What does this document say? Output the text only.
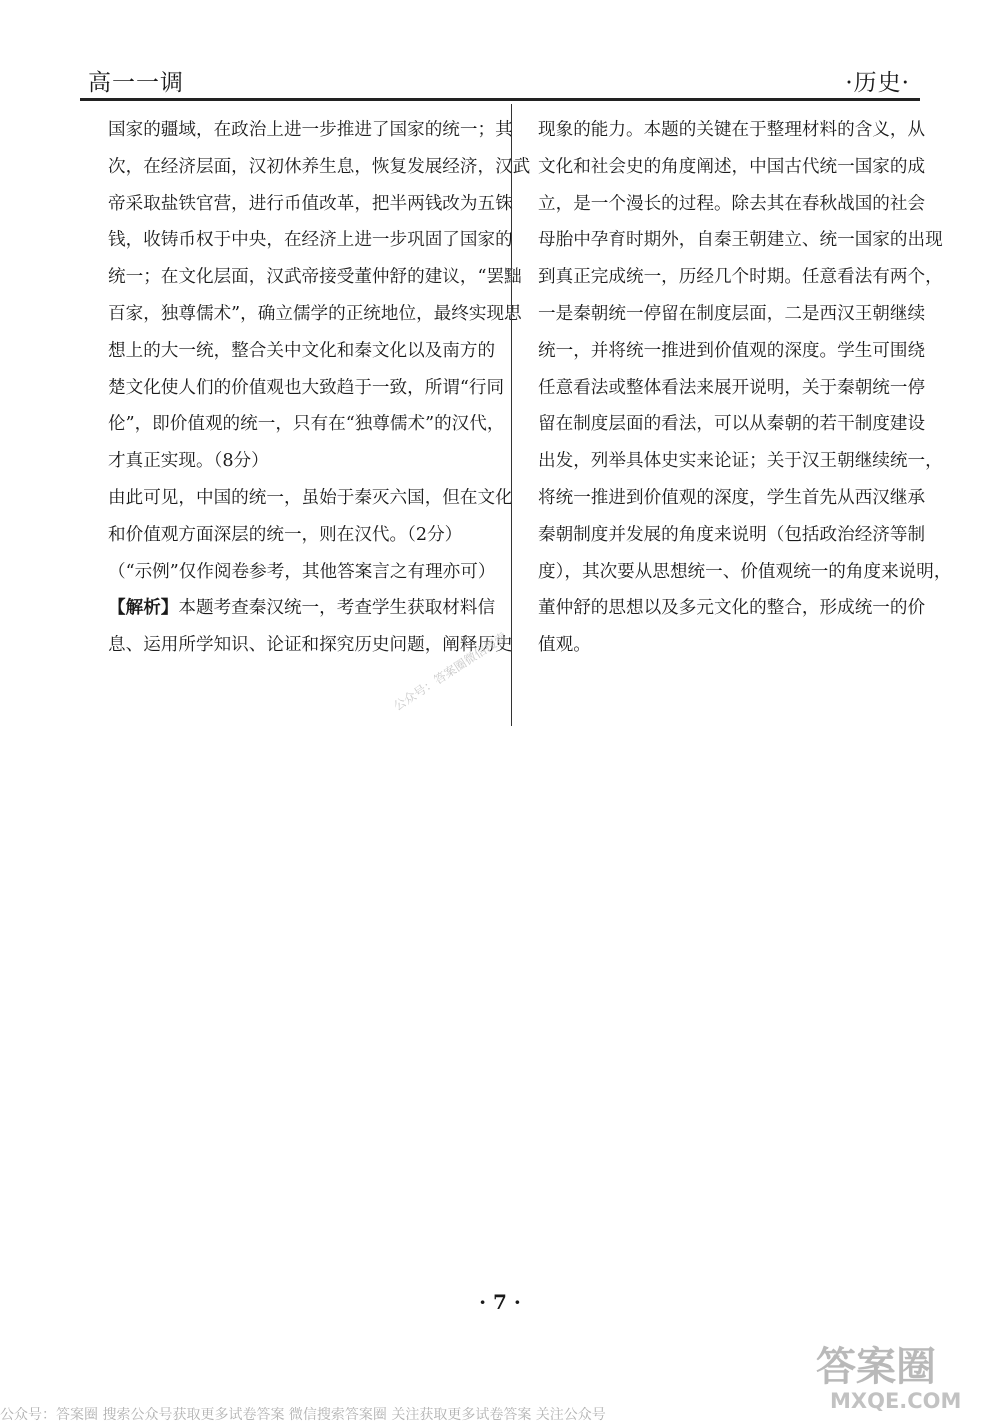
高一一调	·历史·
国家的疆域，在政治上进一步推进了国家的统一；其
次，在经济层面，汉初休养生息，恢复发展经济，汉武
帝采取盐铁官营，进行币值改革，把半两钱改为五铢
钱，收铸币权于中央，在经济上进一步巩固了国家的
统一；在文化层面，汉武帝接受董仲舒的建议，“罢黜
百家，独尊儒术”，确立儒学的正统地位，最终实现思
想上的大一统，整合关中文化和秦文化以及南方的
楚文化使人们的价值观也大致趋于一致，所谓“行同
伦”，即价值观的统一，只有在“独尊儒术”的汉代，
才真正实现。（8分）
由此可见，中国的统一，虽始于秦灭六国，但在文化
和价值观方面深层的统一，则在汉代。（2分）
（“示例”仅作阅卷参考，其他答案言之有理亦可）
【解析】本题考查秦汉统一，考查学生获取材料信
息、运用所学知识、论证和探究历史问题，阐释历史
现象的能力。本题的关键在于整理材料的含义，从
文化和社会史的角度阐述，中国古代统一国家的成
立，是一个漫长的过程。除去其在春秋战国的社会
母胎中孕育时期外，自秦王朝建立、统一国家的出现
到真正完成统一，历经几个时期。任意看法有两个，
一是秦朝统一停留在制度层面，二是西汉王朝继续
统一，并将统一推进到价值观的深度。学生可围绕
任意看法或整体看法来展开说明，关于秦朝统一停
留在制度层面的看法，可以从秦朝的若干制度建设
出发，列举具体史实来论证；关于汉王朝继续统一，
将统一推进到价值观的深度，学生首先从西汉继承
秦朝制度并发展的角度来说明（包括政治经济等制
度），其次要从思想统一、价值观统一的角度来说明，
董仲舒的思想以及多元文化的整合，形成统一的价
值观。
公众号：答案圈微信搜索
· 7 ·
答案圈
MXQE.COM
公众号：答案圈 搜索公众号获取更多试卷答案 微信搜索答案圈 关注获取更多试卷答案 关注公众号
